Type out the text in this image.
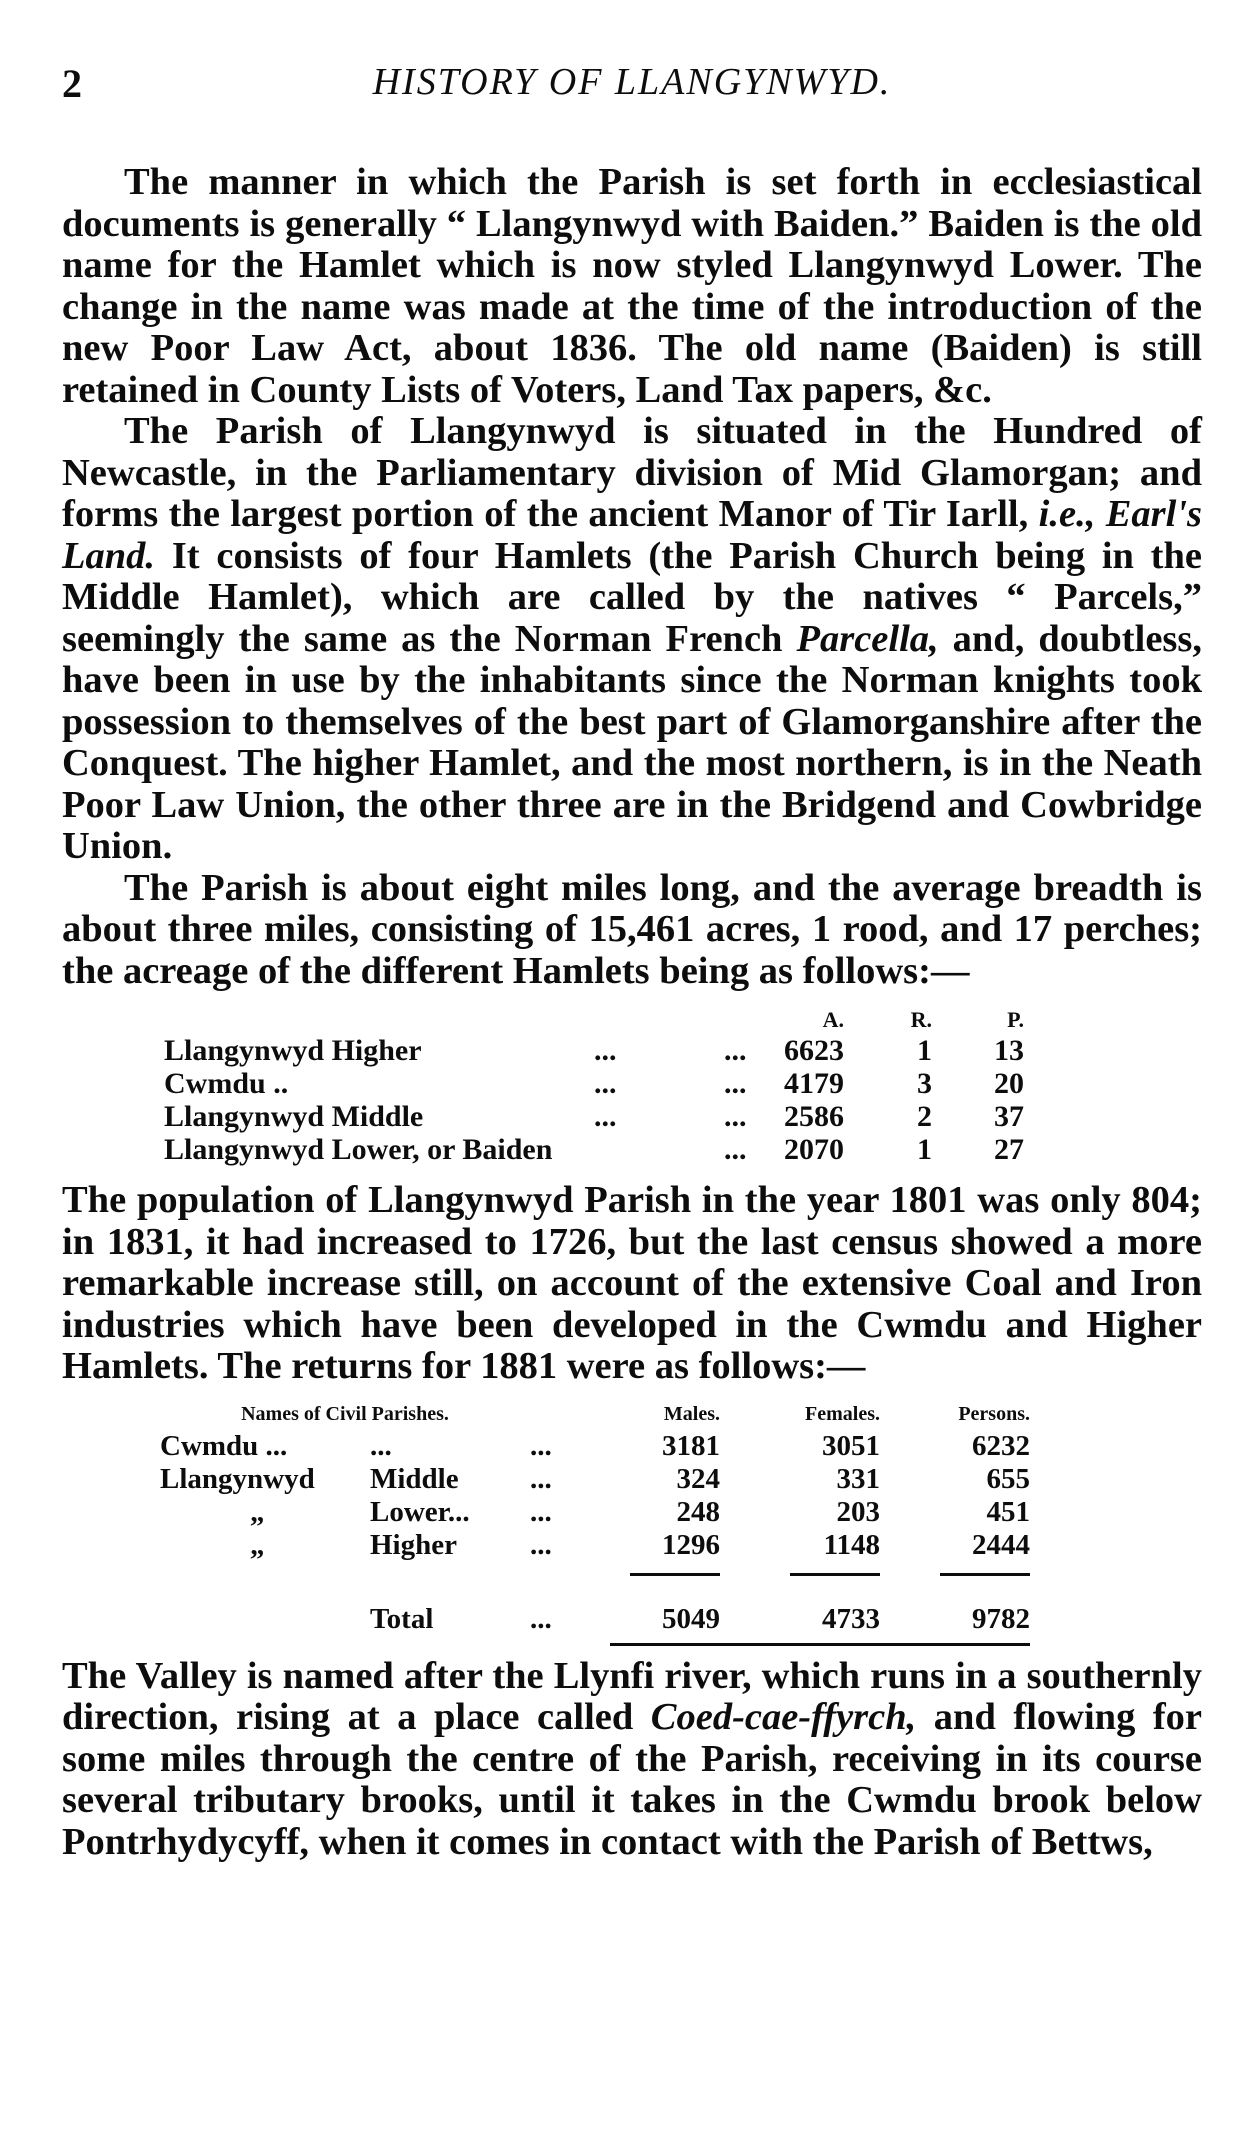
2	HISTORY OF LLANGYNWYD.

The manner in which the Parish is set forth in ecclesiastical documents is generally “ Llangynwyd with Baiden.” Baiden is the old name for the Hamlet which is now styled Llangynwyd Lower. The change in the name was made at the time of the introduction of the new Poor Law Act, about 1836. The old name (Baiden) is still retained in County Lists of Voters, Land Tax papers, &c.

The Parish of Llangynwyd is situated in the Hundred of Newcastle, in the Parliamentary division of Mid Glamorgan; and forms the largest portion of the ancient Manor of Tir Iarll, i.e., Earl's Land. It consists of four Hamlets (the Parish Church being in the Middle Hamlet), which are called by the natives “ Parcels,” seemingly the same as the Norman French Parcella, and, doubtless, have been in use by the inhabitants since the Norman knights took possession to themselves of the best part of Glamorganshire after the Conquest. The higher Hamlet, and the most northern, is in the Neath Poor Law Union, the other three are in the Bridgend and Cowbridge Union.

The Parish is about eight miles long, and the average breadth is about three miles, consisting of 15,461 acres, 1 rood, and 17 perches; the acreage of the different Hamlets being as follows:—

			A.	R.	P.
Llangynwyd Higher	...	...	6623	1	13
Cwmdu ..	...	...	4179	3	20
Llangynwyd Middle	...	...	2586	2	37
Llangynwyd Lower, or Baiden		...	2070	1	27

The population of Llangynwyd Parish in the year 1801 was only 804; in 1831, it had increased to 1726, but the last census showed a more remarkable increase still, on account of the extensive Coal and Iron industries which have been developed in the Cwmdu and Higher Hamlets. The returns for 1881 were as follows:—

Names of Civil Parishes.			Males.	Females.	Persons.
Cwmdu ...	...	...	3181	3051	6232
Llangynwyd	Middle	...	324	331	655
„	Lower...	...	248	203	451
„	Higher	...	1296	1148	2444

	Total	...	5049	4733	9782

The Valley is named after the Llynfi river, which runs in a southernly direction, rising at a place called Coed-cae-ffyrch, and flowing for some miles through the centre of the Parish, receiving in its course several tributary brooks, until it takes in the Cwmdu brook below Pontrhydycyff, when it comes in contact with the Parish of Bettws,
